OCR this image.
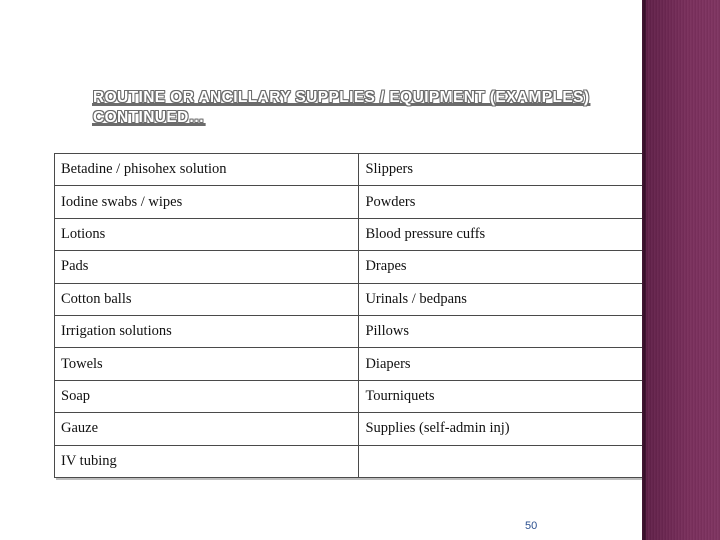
ROUTINE OR ANCILLARY SUPPLIES / EQUIPMENT (EXAMPLES)
CONTINUED…
Betadine / phisohex solution	Slippers
Iodine swabs / wipes	Powders
Lotions	Blood pressure cuffs
Pads	Drapes
Cotton balls	Urinals / bedpans
Irrigation solutions	Pillows
Towels	Diapers
Soap	Tourniquets
Gauze	Supplies (self-admin inj)
IV tubing	
50
